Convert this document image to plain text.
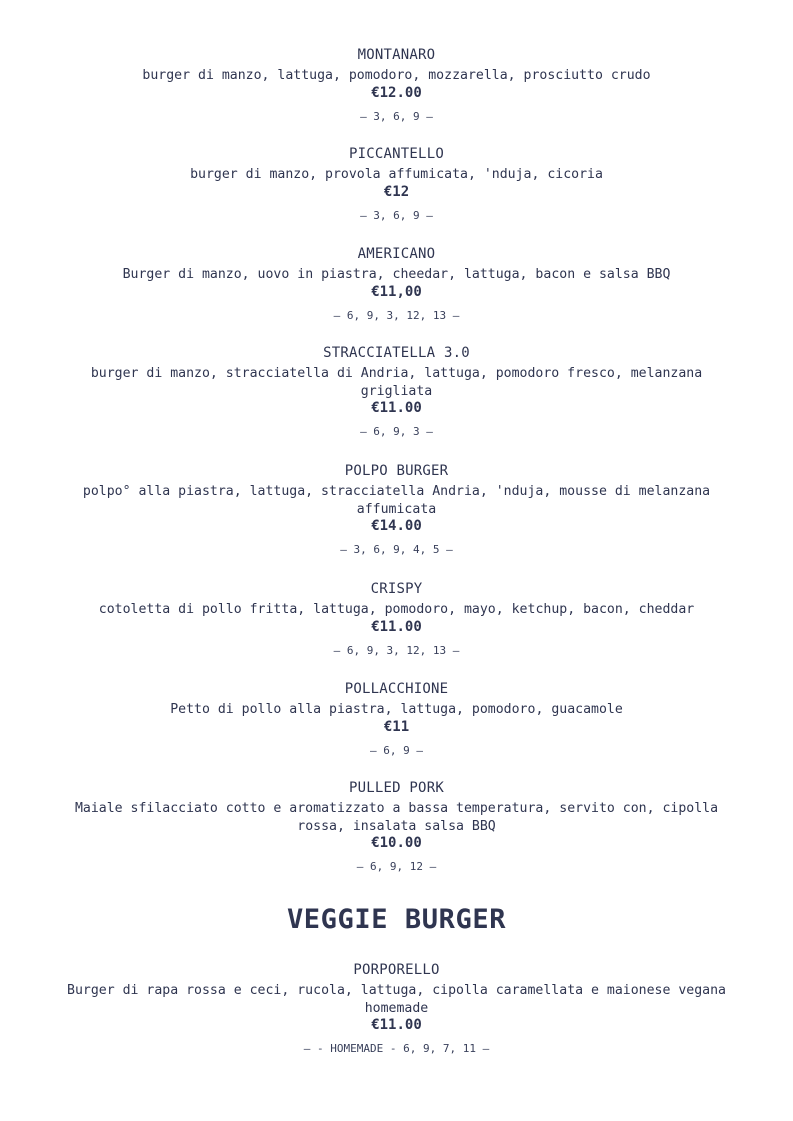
MONTANARO
burger di manzo, lattuga, pomodoro, mozzarella, prosciutto crudo
€12.00
— 3, 6, 9 —
PICCANTELLO
burger di manzo, provola affumicata, 'nduja, cicoria
€12
— 3, 6, 9 —
AMERICANO
Burger di manzo, uovo in piastra, cheedar, lattuga, bacon e salsa BBQ
€11,00
— 6, 9, 3, 12, 13 —
STRACCIATELLA 3.0
burger di manzo, stracciatella di Andria, lattuga, pomodoro fresco, melanzana grigliata
€11.00
— 6, 9, 3 —
POLPO BURGER
polpo° alla piastra, lattuga, stracciatella Andria, 'nduja, mousse di melanzana affumicata
€14.00
— 3, 6, 9, 4, 5 —
CRISPY
cotoletta di pollo fritta, lattuga, pomodoro, mayo, ketchup, bacon, cheddar
€11.00
— 6, 9, 3, 12, 13 —
POLLACCHIONE
Petto di pollo alla piastra, lattuga, pomodoro, guacamole
€11
— 6, 9 —
PULLED PORK
Maiale sfilacciato cotto e aromatizzato a bassa temperatura, servito con, cipolla rossa, insalata salsa BBQ
€10.00
— 6, 9, 12 —
VEGGIE BURGER
PORPORELLO
Burger di rapa rossa e ceci, rucola, lattuga, cipolla caramellata e maionese vegana homemade
€11.00
— - HOMEMADE - 6, 9, 7, 11 —
